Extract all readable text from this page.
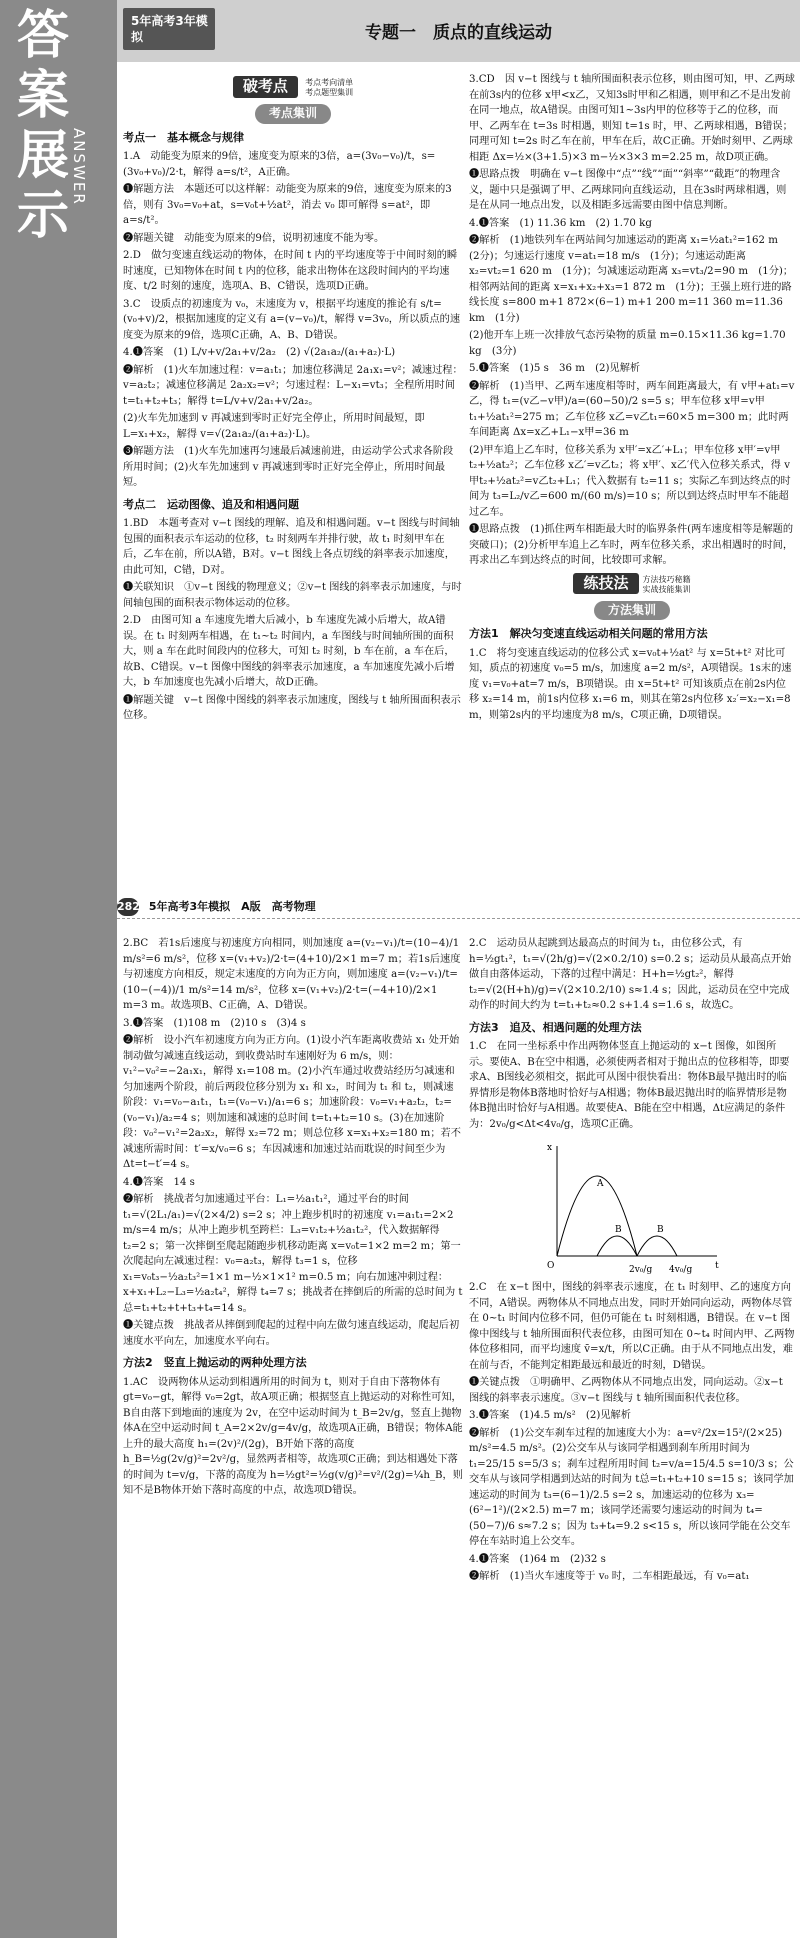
答
案
展
示
ANSWER
5年高考3年模拟	专题一　质点的直线运动
破考点 考点考向清单
考点题型集训
考点集训
考点一　基本概念与规律

1.A　动能变为原来的9倍，速度变为原来的3倍，a=(3v₀−v₀)/t，s=(3v₀+v₀)/2·t，解得 a=s/t²，A正确。

❶解题方法　本题还可以这样解：动能变为原来的9倍，速度变为原来的3倍，则有 3v₀=v₀+at，s=v₀t+½at²，消去 v₀ 即可解得 s=at²，即 a=s/t²。

❷解题关键　动能变为原来的9倍，说明初速度不能为零。

2.D　做匀变速直线运动的物体，在时间 t 内的平均速度等于中间时刻的瞬时速度，已知物体在时间 t 内的位移，能求出物体在这段时间内的平均速度、t/2 时刻的速度，选项A、B、C错误，选项D正确。

3.C　设质点的初速度为 v₀，末速度为 v，根据平均速度的推论有 s/t=(v₀+v)/2，根据加速度的定义有 a=(v−v₀)/t，解得 v=3v₀，所以质点的速度变为原来的9倍，选项C正确，A、B、D错误。

4.❶答案　(1) L/v+v/2a₁+v/2a₂　(2) √(2a₁a₂/(a₁+a₂)·L)

❷解析　(1)火车加速过程：v=a₁t₁；加速位移满足 2a₁x₁=v²；减速过程：v=a₂t₂；减速位移满足 2a₂x₂=v²；匀速过程：L−x₁=vt₃；全程所用时间 t=t₁+t₂+t₃；解得 t=L/v+v/2a₁+v/2a₂。

(2)火车先加速到 v 再减速到零时正好完全停止，所用时间最短，即 L=x₁+x₂，解得 v=√(2a₁a₂/(a₁+a₂)·L)。

❸解题方法　(1)火车先加速再匀速最后减速前进，由运动学公式求各阶段所用时间；(2)火车先加速到 v 再减速到零时正好完全停止，所用时间最短。

考点二　运动图像、追及和相遇问题

1.BD　本题考查对 v−t 图线的理解、追及和相遇问题。v−t 图线与时间轴包围的面积表示车运动的位移，t₂ 时刻两车并排行驶，故 t₁ 时刻甲车在后，乙车在前，所以A错，B对。v−t 图线上各点切线的斜率表示加速度，由此可知，C错，D对。

❶关联知识　①v−t 图线的物理意义；②v−t 图线的斜率表示加速度，与时间轴包围的面积表示物体运动的位移。

2.D　由图可知 a 车速度先增大后减小，b 车速度先减小后增大，故A错误。在 t₁ 时刻两车相遇，在 t₁~t₂ 时间内，a 车图线与时间轴所围的面积大，则 a 车在此时间段内的位移大，可知 t₂ 时刻，b 车在前，a 车在后，故B、C错误。v−t 图像中图线的斜率表示加速度，a 车加速度先减小后增大，b 车加速度也先减小后增大，故D正确。

❶解题关键　v−t 图像中图线的斜率表示加速度，图线与 t 轴所围面积表示位移。

3.CD　因 v−t 图线与 t 轴所围面积表示位移，则由图可知，甲、乙两球在前3s内的位移 x甲<x乙，又知3s时甲和乙相遇，则甲和乙不是出发前在同一地点，故A错误。由图可知1~3s内甲的位移等于乙的位移，而甲、乙两车在 t=3s 时相遇，则知 t=1s 时，甲、乙两球相遇，B错误；同理可知 t=2s 时乙车在前，甲车在后，故C正确。开始时刻甲、乙两球相距 Δx=½×(3+1.5)×3 m−½×3×3 m=2.25 m，故D项正确。

❶思路点拨　明确在 v−t 图像中“点”“线”“面”“斜率”“截距”的物理含义，题中只是强调了甲、乙两球同向直线运动，且在3s时两球相遇，则是在从同一地点出发，以及相距多远需要由图中信息判断。

4.❶答案　(1) 11.36 km　(2) 1.70 kg

❷解析　(1)地铁列车在两站间匀加速运动的距离 x₁=½at₁²=162 m　(2分)；匀速运行速度 v=at₁=18 m/s　(1分)；匀速运动距离 x₂=vt₂=1 620 m　(1分)；匀减速运动距离 x₃=vt₃/2=90 m　(1分)；相邻两站间的距离 x=x₁+x₂+x₃=1 872 m　(1分)；王强上班行进的路线长度 s=800 m+1 872×(6−1) m+1 200 m=11 360 m=11.36 km　(1分)

(2)他开车上班一次排放气态污染物的质量 m=0.15×11.36 kg=1.70 kg　(3分)

5.❶答案　(1)5 s　36 m　(2)见解析

❷解析　(1)当甲、乙两车速度相等时，两车间距离最大，有 v甲+at₁=v乙，得 t₁=(v乙−v甲)/a=(60−50)/2 s=5 s；甲车位移 x甲=v甲t₁+½at₁²=275 m；乙车位移 x乙=v乙t₁=60×5 m=300 m；此时两车间距离 Δx=x乙+L₁−x甲=36 m

(2)甲车追上乙车时，位移关系为 x甲′=x乙′+L₁；甲车位移 x甲′=v甲t₂+½at₂²；乙车位移 x乙′=v乙t₂；将 x甲′、x乙′代入位移关系式，得 v甲t₂+½at₂²=v乙t₂+L₁；代入数据有 t₂=11 s；实际乙车到达终点的时间为 t₃=L₂/v乙=600 m/(60 m/s)=10 s；所以到达终点时甲车不能超过乙车。

❶思路点拨　(1)抓住两车相距最大时的临界条件(两车速度相等是解题的突破口)；(2)分析甲车追上乙车时，两车位移关系，求出相遇时的时间，再求出乙车到达终点的时间，比较即可求解。

练技法 方法技巧秘籍
实战技能集训
方法集训
方法1　解决匀变速直线运动相关问题的常用方法

1.C　将匀变速直线运动的位移公式 x=v₀t+½at² 与 x=5t+t² 对比可知，质点的初速度 v₀=5 m/s，加速度 a=2 m/s²，A项错误。1s末的速度 v₁=v₀+at=7 m/s，B项错误。由 x=5t+t² 可知该质点在前2s内位移 x₂=14 m，前1s内位移 x₁=6 m，则其在第2s内位移 x₂′=x₂−x₁=8 m，则第2s内的平均速度为8 m/s，C项正确，D项错误。

282 5年高考3年模拟　A版　高考物理

2.BC　若1s后速度与初速度方向相同，则加速度 a=(v₂−v₁)/t=(10−4)/1 m/s²=6 m/s²，位移 x=(v₁+v₂)/2·t=(4+10)/2×1 m=7 m；若1s后速度与初速度方向相反，规定末速度的方向为正方向，则加速度 a=(v₂−v₁)/t=(10−(−4))/1 m/s²=14 m/s²，位移 x=(v₁+v₂)/2·t=(−4+10)/2×1 m=3 m。故选项B、C正确，A、D错误。

3.❶答案　(1)108 m　(2)10 s　(3)4 s

❷解析　设小汽车初速度方向为正方向。(1)设小汽车距离收费站 x₁ 处开始制动做匀减速直线运动，到收费站时车速刚好为 6 m/s，则：v₁²−v₀²=−2a₁x₁，解得 x₁=108 m。(2)小汽车通过收费站经历匀减速和匀加速两个阶段，前后两段位移分别为 x₁ 和 x₂，时间为 t₁ 和 t₂，则减速阶段：v₁=v₀−a₁t₁，t₁=(v₀−v₁)/a₁=6 s；加速阶段：v₀=v₁+a₂t₂，t₂=(v₀−v₁)/a₂=4 s；则加速和减速的总时间 t=t₁+t₂=10 s。(3)在加速阶段：v₀²−v₁²=2a₂x₂，解得 x₂=72 m；则总位移 x=x₁+x₂=180 m；若不减速所需时间：t′=x/v₀=6 s；车因减速和加速过站而耽误的时间至少为 Δt=t−t′=4 s。

4.❶答案　14 s

❷解析　挑战者匀加速通过平台：L₁=½a₁t₁²，通过平台的时间 t₁=√(2L₁/a₁)=√(2×4/2) s=2 s；冲上跑步机时的初速度 v₁=a₁t₁=2×2 m/s=4 m/s；从冲上跑步机至跨栏：L₃=v₁t₂+½a₁t₂²，代入数据解得 t₂=2 s；第一次摔倒至爬起随跑步机移动距离 x=v₀t=1×2 m=2 m；第一次爬起向左减速过程：v₀=a₂t₃，解得 t₃=1 s，位移 x₁=v₀t₃−½a₂t₃²=1×1 m−½×1×1² m=0.5 m；向右加速冲刺过程：x+x₁+L₂−L₃=½a₂t₄²，解得 t₄=7 s；挑战者在摔倒后的所需的总时间为 t总=t₁+t₂+t+t₃+t₄=14 s。

❶关键点拨　挑战者从摔倒到爬起的过程中向左做匀速直线运动，爬起后初速度水平向左，加速度水平向右。

方法2　竖直上抛运动的两种处理方法

1.AC　设两物体从运动到相遇所用的时间为 t，则对于自由下落物体有 gt=v₀−gt，解得 v₀=2gt，故A项正确；根据竖直上抛运动的对称性可知，B自由落下到地面的速度为 2v，在空中运动时间为 t_B=2v/g，竖直上抛物体A在空中运动时间 t_A=2×2v/g=4v/g，故选项A正确，B错误；物体A能上升的最大高度 h₁=(2v)²/(2g)，B开始下落的高度 h_B=½g(2v/g)²=2v²/g，显然两者相等，故选项C正确；到达相遇处下落的时间为 t=v/g，下落的高度为 h=½gt²=½g(v/g)²=v²/(2g)=¼h_B，则知不是B物体开始下落时高度的中点，故选项D错误。

2.C　运动员从起跳到达最高点的时间为 t₁，由位移公式，有 h=½gt₁²，t₁=√(2h/g)=√(2×0.2/10) s=0.2 s；运动员从最高点开始做自由落体运动，下落的过程中满足：H+h=½gt₂²，解得 t₂=√(2(H+h)/g)=√(2×10.2/10) s≈1.4 s；因此，运动员在空中完成动作的时间大约为 t=t₁+t₂≈0.2 s+1.4 s=1.6 s，故选C。

方法3　追及、相遇问题的处理方法

1.C　在同一坐标系中作出两物体竖直上抛运动的 x−t 图像，如图所示。要使A、B在空中相遇，必须使两者相对于抛出点的位移相等，即要求A、B图线必须相交，据此可从图中很快看出：物体B最早抛出时的临界情形是物体B落地时恰好与A相遇；物体B最迟抛出时的临界情形是物体B抛出时恰好与A相遇。故要使A、B能在空中相遇，Δt应满足的条件为：2v₀/g<Δt<4v₀/g，选项C正确。

x
O	t
A
B	B
2v₀/g 4v₀/g

2.C　在 x−t 图中，图线的斜率表示速度，在 t₁ 时刻甲、乙的速度方向不同，A错误。两物体从不同地点出发，同时开始同向运动，两物体尽管在 0~t₁ 时间内位移不同，但仍可能在 t₁ 时刻相遇，B错误。在 v−t 图像中图线与 t 轴所围面积代表位移，由图可知在 0~t₄ 时间内甲、乙两物体位移相同，而平均速度 v̄=x/t，所以C正确。由于从不同地点出发，难在前与否，不能判定相距最远和最近的时刻，D错误。

❶关键点拨　①明确甲、乙两物体从不同地点出发，同向运动。②x−t 图线的斜率表示速度。③v−t 图线与 t 轴所围面积代表位移。

3.❶答案　(1)4.5 m/s²　(2)见解析

❷解析　(1)公交车刹车过程的加速度大小为：a=v²/2x=15²/(2×25) m/s²=4.5 m/s²。(2)公交车从与该同学相遇到刹车所用时间为 t₁=25/15 s=5/3 s；刹车过程所用时间 t₂=v/a=15/4.5 s=10/3 s；公交车从与该同学相遇到达站的时间为 t总=t₁+t₂+10 s=15 s；该同学加速运动的时间为 t₃=(6−1)/2.5 s=2 s，加速运动的位移为 x₃=(6²−1²)/(2×2.5) m=7 m；该同学还需要匀速运动的时间为 t₄=(50−7)/6 s≈7.2 s；因为 t₃+t₄=9.2 s<15 s，所以该同学能在公交车停在车站时追上公交车。

4.❶答案　(1)64 m　(2)32 s

❷解析　(1)当火车速度等于 v₀ 时，二车相距最远，有 v₀=at₁
